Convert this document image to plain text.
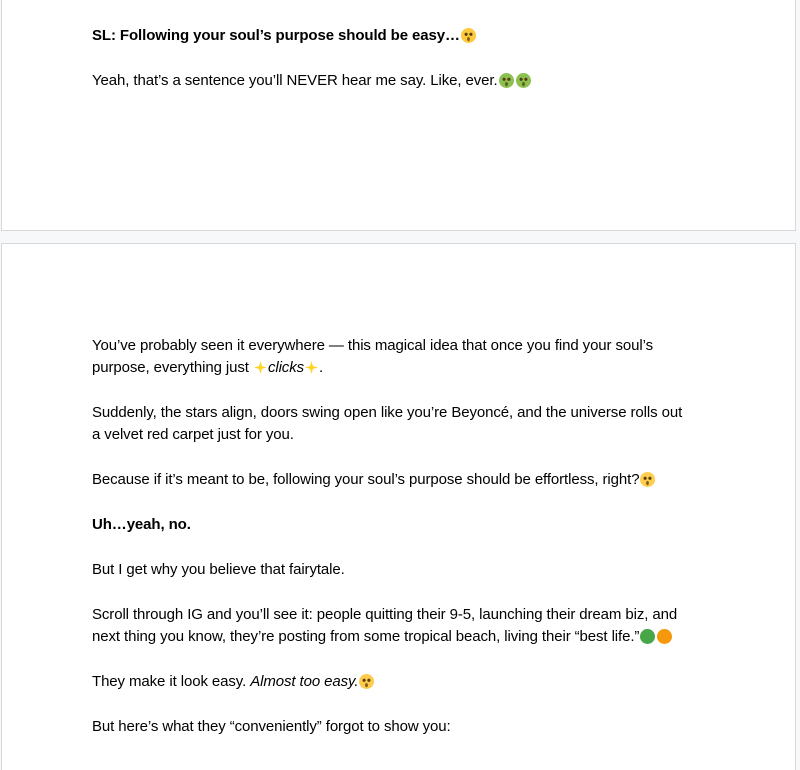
SL: Following your soul’s purpose should be easy…

Yeah, that’s a sentence you’ll NEVER hear me say. Like, ever.

You’ve probably seen it everywhere — this magical idea that once you find your soul’s purpose, everything just clicks .

Suddenly, the stars align, doors swing open like you’re Beyoncé, and the universe rolls out a velvet red carpet just for you.

Because if it’s meant to be, following your soul’s purpose should be effortless, right?

Uh…yeah, no.

But I get why you believe that fairytale.

Scroll through IG and you’ll see it: people quitting their 9-5, launching their dream biz, and next thing you know, they’re posting from some tropical beach, living their “best life.”

They make it look easy. Almost too easy.

But here’s what they “conveniently” forgot to show you:
